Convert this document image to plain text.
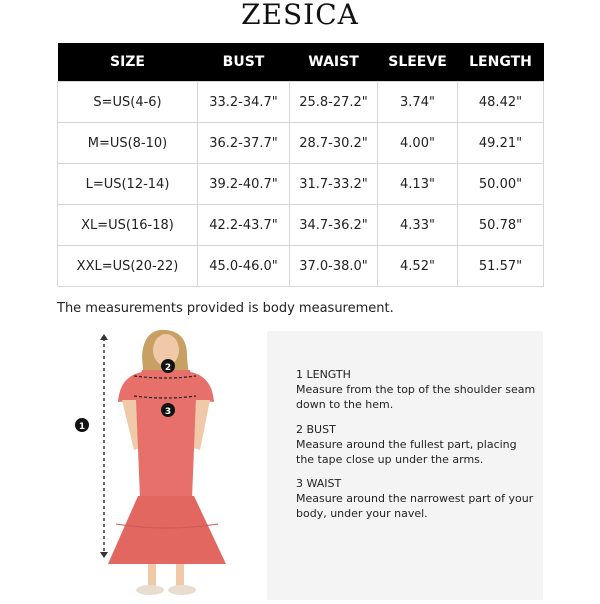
ZESICA
SIZE	BUST	WAIST	SLEEVE	LENGTH
S=US(4-6)	33.2-34.7"	25.8-27.2"	3.74"	48.42"
M=US(8-10)	36.2-37.7"	28.7-30.2"	4.00"	49.21"
L=US(12-14)	39.2-40.7"	31.7-33.2"	4.13"	50.00"
XL=US(16-18)	42.2-43.7"	34.7-36.2"	4.33"	50.78"
XXL=US(20-22)	45.0-46.0"	37.0-38.0"	4.52"	51.57"
The measurements provided is body measurement.
1
2
3
1 LENGTH
Measure from the top of the shoulder seam down to the hem.
2 BUST
Measure around the fullest part, placing the tape close up under the arms.
3 WAIST
Measure around the narrowest part of your body, under your navel.
